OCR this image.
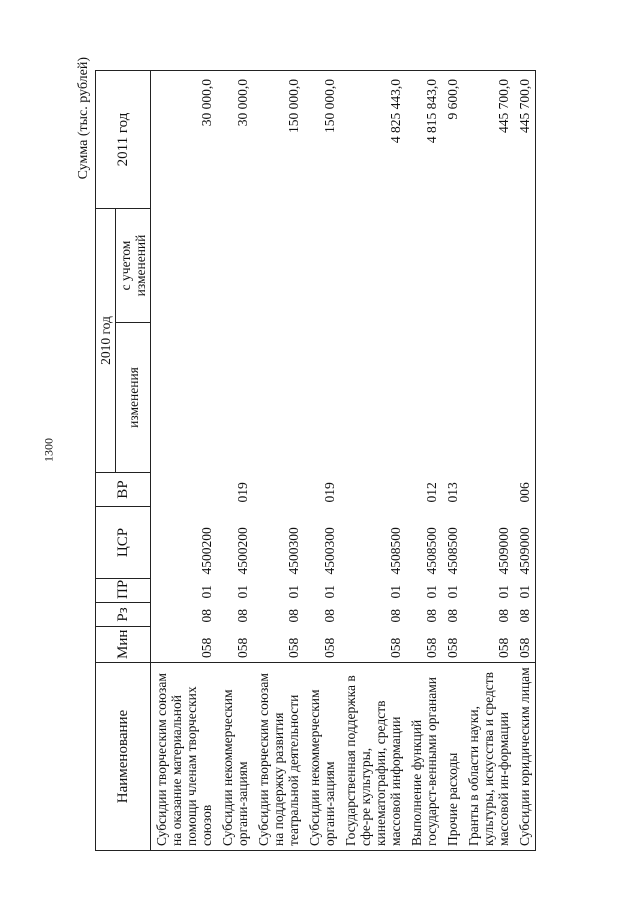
1300
Сумма (тыс. рублей)
Наименование	Мин	Рз	ПР	ЦСР	ВР	2010 год		2011 год
						изменения	с учетом изменений	
Субсидии творческим союзам на оказание материальной помощи членам творческих союзов	058	08	01	4500200				30 000,0
Субсидии некоммерческим органи-зациям	058	08	01	4500200	019			30 000,0
Субсидии творческим союзам на поддержку развития театральной деятельности	058	08	01	4500300				150 000,0
Субсидии некоммерческим органи-зациям	058	08	01	4500300	019			150 000,0
Государственная поддержка в сфе-ре культуры, кинематографии, средств массовой информации	058	08	01	4508500				4 825 443,0
Выполнение функций государст-венными органами	058	08	01	4508500	012			4 815 843,0
Прочие расходы	058	08	01	4508500	013			9 600,0
Гранты в области науки, культуры, искусства и средств массовой ин-формации	058	08	01	4509000				445 700,0
Субсидии юридическим лицам	058	08	01	4509000	006			445 700,0
